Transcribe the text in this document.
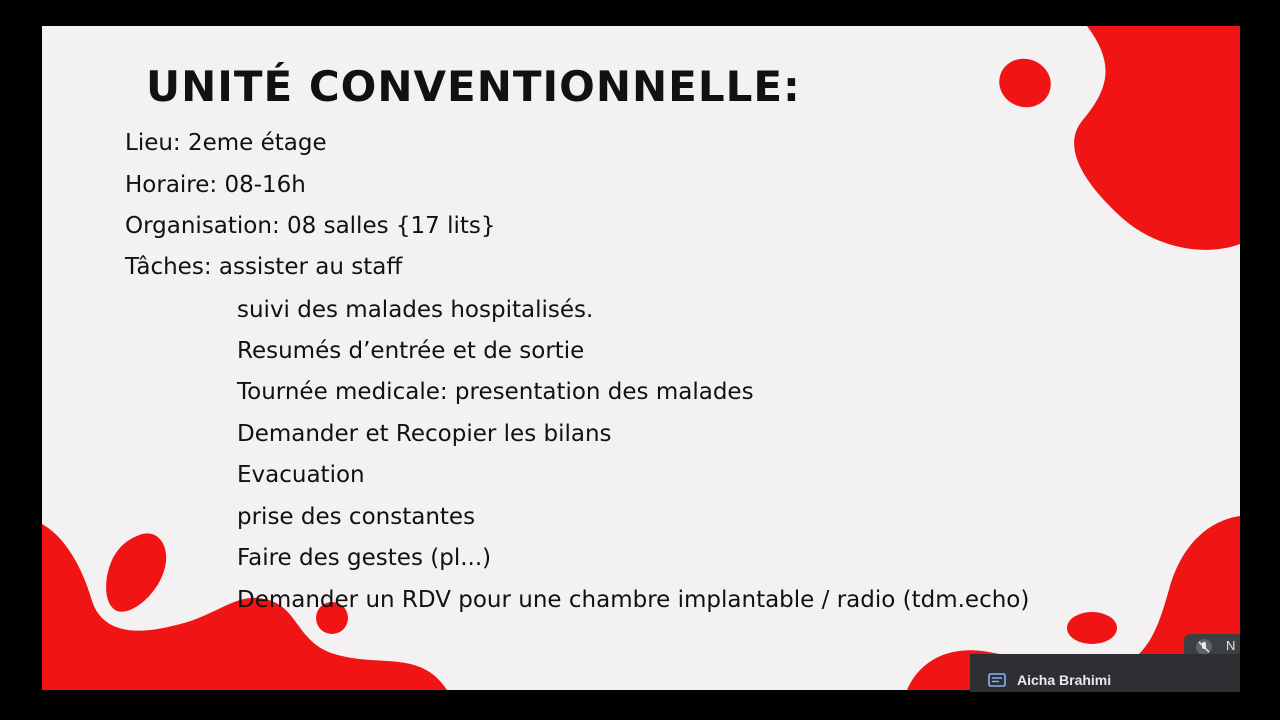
UNITÉ CONVENTIONNELLE:
Lieu: 2eme étage
Horaire: 08-16h
Organisation: 08 salles {17 lits}
Tâches: assister au staff
suivi des malades hospitalisés.
Resumés d’entrée et de sortie
Tournée medicale: presentation des malades
Demander et Recopier les bilans
Evacuation
prise des constantes
Faire des gestes (pl...)
Demander un RDV pour une chambre implantable / radio (tdm.echo)
N
Aicha Brahimi
